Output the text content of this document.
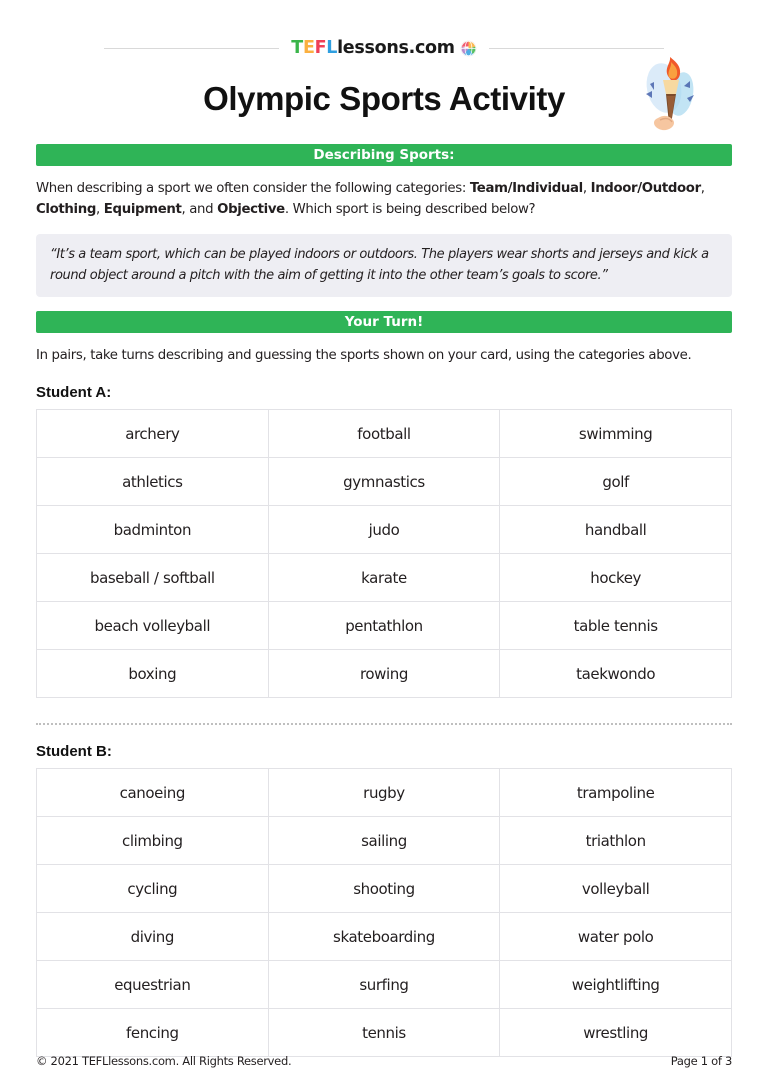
TEFLlessons.com
Olympic Sports Activity
Describing Sports:
When describing a sport we often consider the following categories: Team/Individual, Indoor/Outdoor, Clothing, Equipment, and Objective. Which sport is being described below?
“It’s a team sport, which can be played indoors or outdoors. The players wear shorts and jerseys and kick a round object around a pitch with the aim of getting it into the other team’s goals to score.”
Your Turn!
In pairs, take turns describing and guessing the sports shown on your card, using the categories above.
Student A:
archery	football	swimming
athletics	gymnastics	golf
badminton	judo	handball
baseball / softball	karate	hockey
beach volleyball	pentathlon	table tennis
boxing	rowing	taekwondo
Student B:
canoeing	rugby	trampoline
climbing	sailing	triathlon
cycling	shooting	volleyball
diving	skateboarding	water polo
equestrian	surfing	weightlifting
fencing	tennis	wrestling
© 2021 TEFLlessons.com. All Rights Reserved.	Page 1 of 3
